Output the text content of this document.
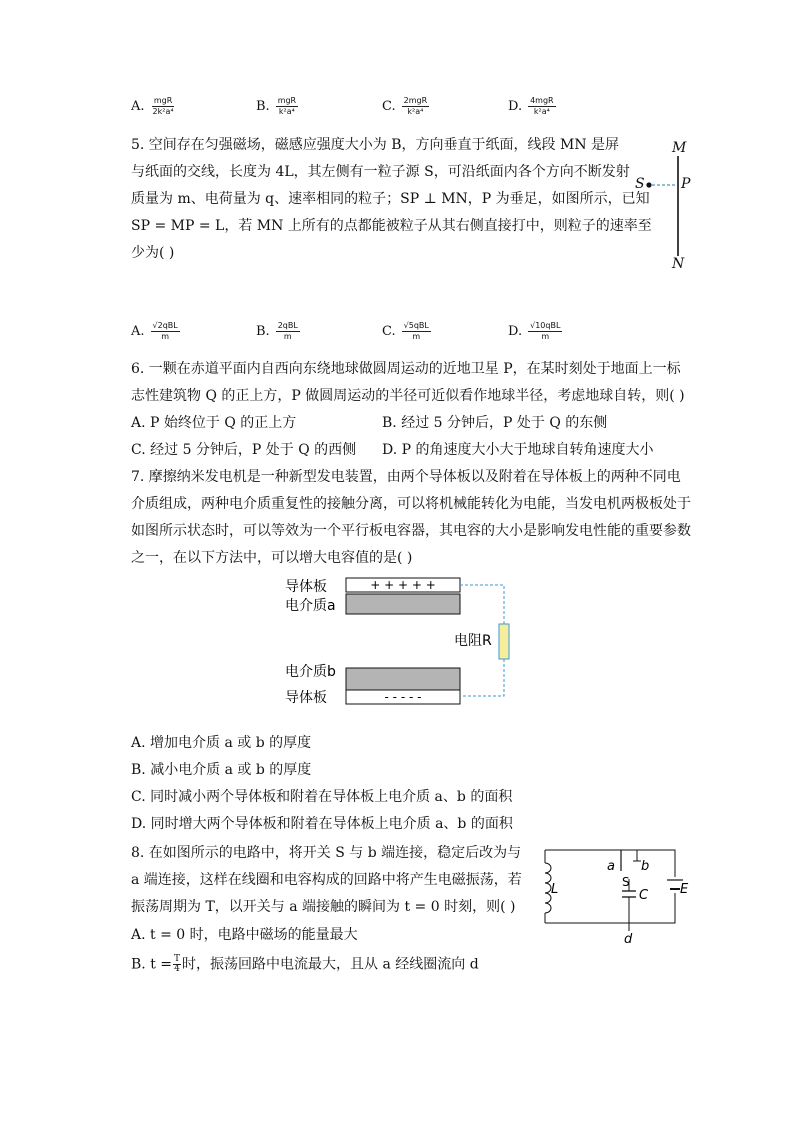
A. $\frac{\text{mgR}}{\text{2k²a⁴}}$	B. $\frac{\text{mgR}}{\text{k²a⁴}}$	C. $\frac{\text{2mgR}}{\text{k²a⁴}}$	D. $\frac{\text{4mgR}}{\text{k²a⁴}}$
5. 空间存在匀强磁场，磁感应强度大小为 B，方向垂直于纸面，线段 MN 是屏
与纸面的交线，长度为 4L，其左侧有一粒子源 S，可沿纸面内各个方向不断发射
质量为 m、电荷量为 q、速率相同的粒子；SP ⊥ MN，P 为垂足，如图所示，已知
SP = MP = L，若 MN 上所有的点都能被粒子从其右侧直接打中，则粒子的速率至
少为( )
M
N
S	P
A. $\frac{\text{√2qBL}}{m}$	B. $\frac{\text{2qBL}}{m}$	C. $\frac{\text{√5qBL}}{m}$	D. $\frac{\text{√10qBL}}{m}$
6. 一颗在赤道平面内自西向东绕地球做圆周运动的近地卫星 P，在某时刻处于地面上一标
志性建筑物 Q 的正上方，P 做圆周运动的半径可近似看作地球半径，考虑地球自转，则( )
A. P 始终位于 Q 的正上方	B. 经过 5 分钟后，P 处于 Q 的东侧
C. 经过 5 分钟后，P 处于 Q 的西侧 D. P 的角速度大小大于地球自转角速度大小
7. 摩擦纳米发电机是一种新型发电装置，由两个导体板以及附着在导体板上的两种不同电
介质组成，两种电介质重复性的接触分离，可以将机械能转化为电能，当发电机两极板处于
如图所示状态时，可以等效为一个平行板电容器，其电容的大小是影响发电性能的重要参数
之一，在以下方法中，可以增大电容值的是( )
+ + + + +
- - - - -
导体板
电介质a
电阻R
电介质b
导体板
A. 增加电介质 a 或 b 的厚度
B. 减小电介质 a 或 b 的厚度
C. 同时减小两个导体板和附着在导体板上电介质 a、b 的面积
D. 同时增大两个导体板和附着在导体板上电介质 a、b 的面积
8. 在如图所示的电路中，将开关 S 与 b 端连接，稳定后改为与
a 端连接，这样在线圈和电容构成的回路中将产生电磁振荡，若
振荡周期为 T，以开关与 a 端接触的瞬间为 t = 0 时刻，则( )
A. t = 0 时，电路中磁场的能量最大
B. $t = \frac{T}{4}$ 时，振荡回路中电流最大，且从 a 经线圈流向 d
L
a b
S
C E
d
